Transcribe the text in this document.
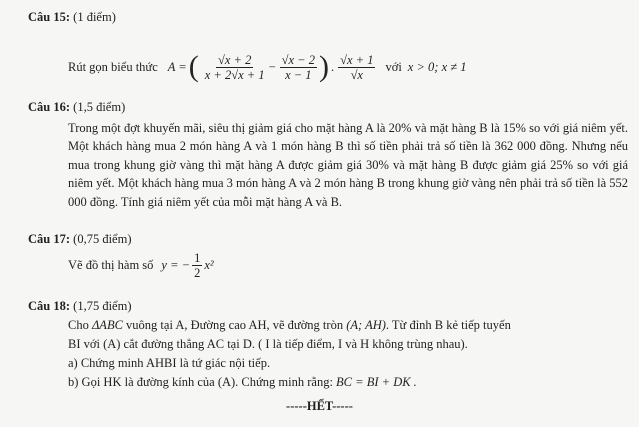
Câu 15: (1 điểm)
Rút gọn biểu thức A = ( $\frac{√x + 2}{x + 2√x + 1} - \frac{√x - 2}{x - 1}$ ) . $\frac{√x + 1}{√x}$ với x > 0; x ≠ 1
Câu 16: (1,5 điểm)
Trong một đợt khuyến mãi, siêu thị giảm giá cho mặt hàng A là 20% và mặt hàng B là 15% so với giá niêm yết. Một khách hàng mua 2 món hàng A và 1 món hàng B thì số tiền phải trả số tiền là 362 000 đồng. Nhưng nếu mua trong khung giờ vàng thì mặt hàng A được giảm giá 30% và mặt hàng B được giảm giá 25% so với giá niêm yết. Một khách hàng mua 3 món hàng A và 2 món hàng B trong khung giờ vàng nên phải trả số tiền là 552 000 đồng. Tính giá niêm yết của mỗi mặt hàng A và B.
Câu 17: (0,75 điểm)
Vẽ đồ thị hàm số y = − $\frac{1}{2} x^2$
Câu 18: (1,75 điểm)
Cho ΔABC vuông tại A, Đường cao AH, vẽ đường tròn (A; AH). Từ đỉnh B kẻ tiếp tuyến
BI với (A) cắt đường thẳng AC tại D. ( I là tiếp điểm, I và H không trùng nhau).
a) Chứng minh AHBI là tứ giác nội tiếp.
b) Gọi HK là đường kính của (A). Chứng minh rằng: BC = BI + DK .
-----HẾT-----
